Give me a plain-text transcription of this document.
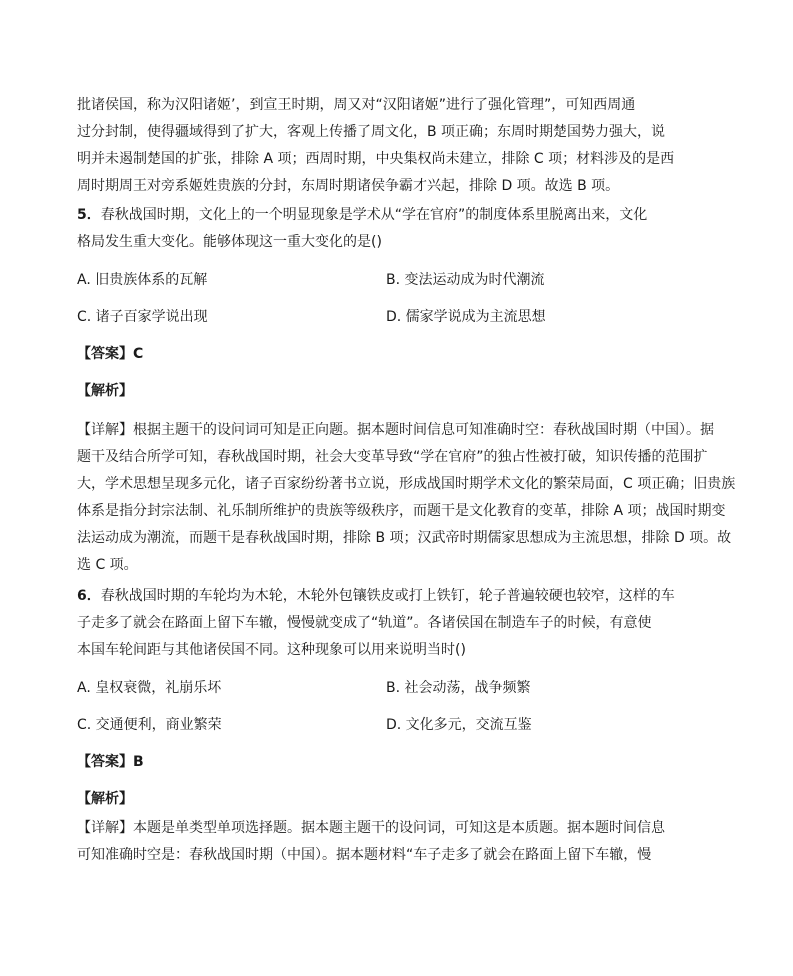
批诸侯国，称为汉阳诸姬’，到宣王时期，周又对“汉阳诸姬”进行了强化管理”，可知西周通
过分封制，使得疆域得到了扩大，客观上传播了周文化，B 项正确；东周时期楚国势力强大，说
明并未遏制楚国的扩张，排除 A 项；西周时期，中央集权尚未建立，排除 C 项；材料涉及的是西
周时期周王对旁系姬姓贵族的分封，东周时期诸侯争霸才兴起，排除 D 项。故选 B 项。
5．春秋战国时期，文化上的一个明显现象是学术从“学在官府”的制度体系里脱离出来，文化
格局发生重大变化。能够体现这一重大变化的是()
A. 旧贵族体系的瓦解	B. 变法运动成为时代潮流
C. 诸子百家学说出现	D. 儒家学说成为主流思想
【答案】C
【解析】
【详解】根据主题干的设问词可知是正向题。据本题时间信息可知准确时空：春秋战国时期（中国）。据
题干及结合所学可知，春秋战国时期，社会大变革导致“学在官府”的独占性被打破，知识传播的范围扩
大，学术思想呈现多元化，诸子百家纷纷著书立说，形成战国时期学术文化的繁荣局面，C 项正确；旧贵族
体系是指分封宗法制、礼乐制所维护的贵族等级秩序，而题干是文化教育的变革，排除 A 项；战国时期变
法运动成为潮流，而题干是春秋战国时期，排除 B 项；汉武帝时期儒家思想成为主流思想，排除 D 项。故
选 C 项。
6．春秋战国时期的车轮均为木轮，木轮外包镶铁皮或打上铁钉，轮子普遍较硬也较窄，这样的车
子走多了就会在路面上留下车辙，慢慢就变成了“轨道”。各诸侯国在制造车子的时候，有意使
本国车轮间距与其他诸侯国不同。这种现象可以用来说明当时()
A. 皇权衰微，礼崩乐坏	B. 社会动荡，战争频繁
C. 交通便利，商业繁荣	D. 文化多元，交流互鉴
【答案】B
【解析】
【详解】本题是单类型单项选择题。据本题主题干的设问词，可知这是本质题。据本题时间信息
可知准确时空是：春秋战国时期（中国）。据本题材料“车子走多了就会在路面上留下车辙，慢
